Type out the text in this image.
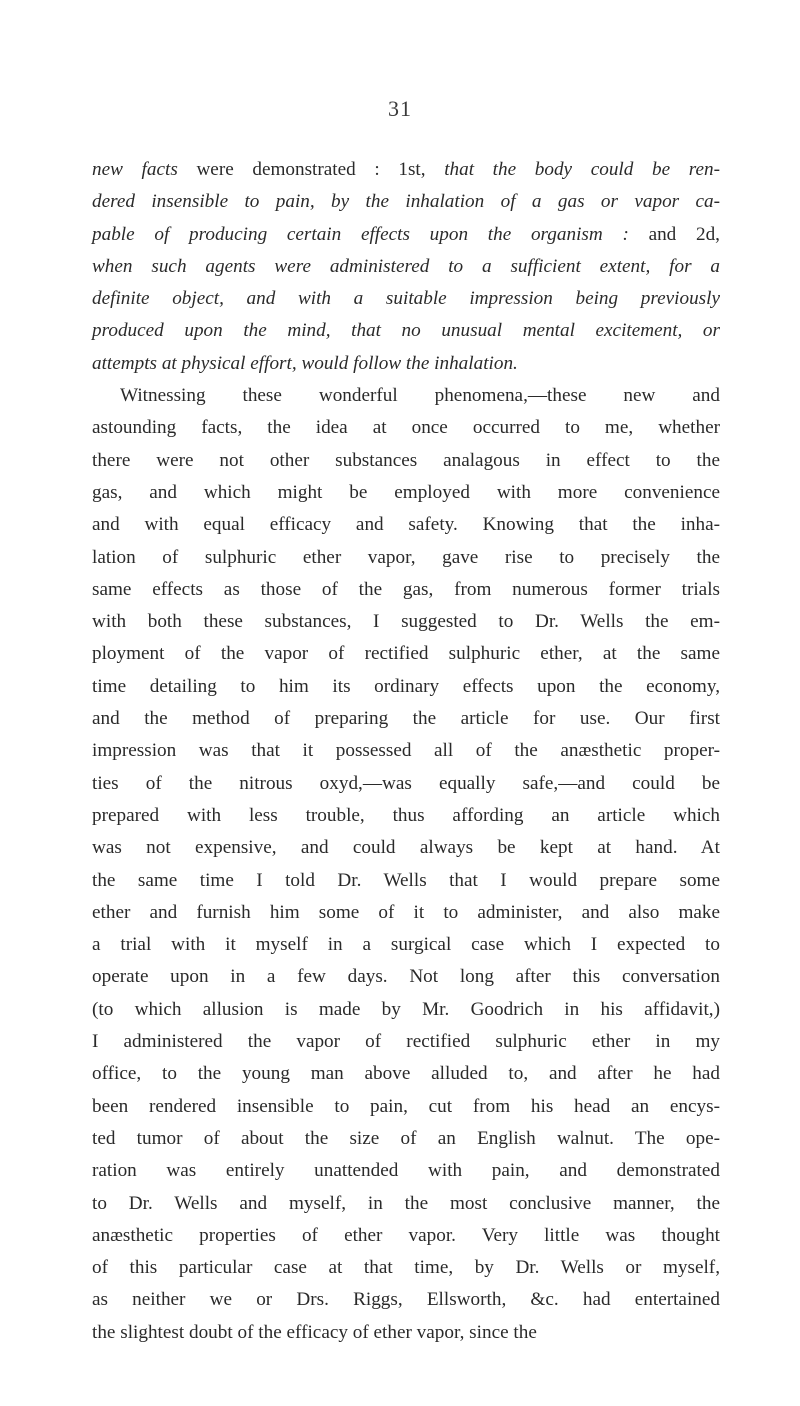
31
new facts were demonstrated : 1st, that the body could be ren-
dered insensible to pain, by the inhalation of a gas or vapor ca-
pable of producing certain effects upon the organism : and 2d,
when such agents were administered to a sufficient extent, for a
definite object, and with a suitable impression being previously
produced upon the mind, that no unusual mental excitement, or
attempts at physical effort, would follow the inhalation.
Witnessing these wonderful phenomena,—these new and
astounding facts, the idea at once occurred to me, whether
there were not other substances analagous in effect to the
gas, and which might be employed with more convenience
and with equal efficacy and safety. Knowing that the inha-
lation of sulphuric ether vapor, gave rise to precisely the
same effects as those of the gas, from numerous former trials
with both these substances, I suggested to Dr. Wells the em-
ployment of the vapor of rectified sulphuric ether, at the same
time detailing to him its ordinary effects upon the economy,
and the method of preparing the article for use. Our first
impression was that it possessed all of the anæsthetic proper-
ties of the nitrous oxyd,—was equally safe,—and could be
prepared with less trouble, thus affording an article which
was not expensive, and could always be kept at hand. At
the same time I told Dr. Wells that I would prepare some
ether and furnish him some of it to administer, and also make
a trial with it myself in a surgical case which I expected to
operate upon in a few days. Not long after this conversation
(to which allusion is made by Mr. Goodrich in his affidavit,)
I administered the vapor of rectified sulphuric ether in my
office, to the young man above alluded to, and after he had
been rendered insensible to pain, cut from his head an encys-
ted tumor of about the size of an English walnut. The ope-
ration was entirely unattended with pain, and demonstrated
to Dr. Wells and myself, in the most conclusive manner, the
anæsthetic properties of ether vapor. Very little was thought
of this particular case at that time, by Dr. Wells or myself,
as neither we or Drs. Riggs, Ellsworth, &c. had entertained
the slightest doubt of the efficacy of ether vapor, since the
